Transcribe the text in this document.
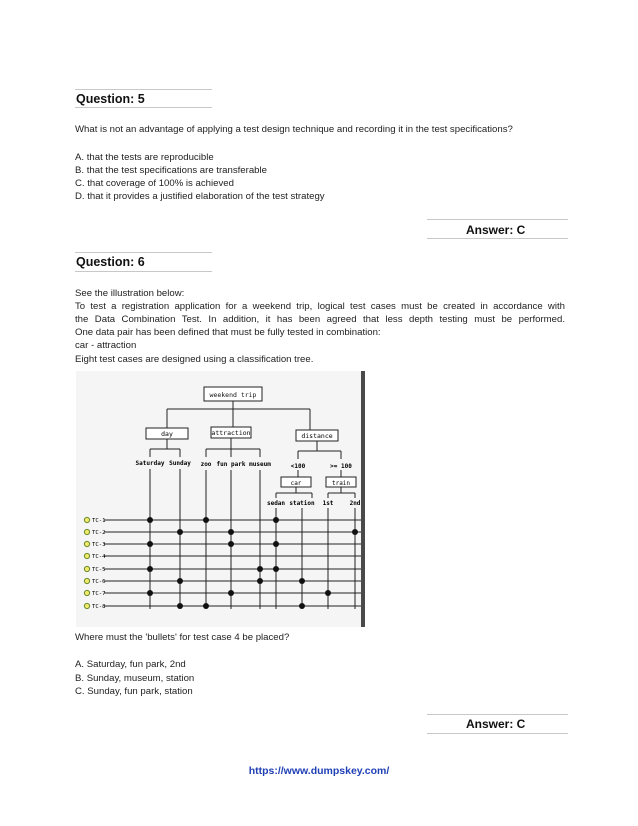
Question: 5
What is not an advantage of applying a test design technique and recording it in the test specifications?
A. that the tests are reproducible
B. that the test specifications are transferable
C. that coverage of 100% is achieved
D. that it provides a justified elaboration of the test strategy
Answer: C
Question: 6
See the illustration below:
To test a registration application for a weekend trip, logical test cases must be created in accordance with
the Data Combination Test. In addition, it has been agreed that less depth testing must be performed.
One data pair has been defined that must be fully tested in combination:
car - attraction
Eight test cases are designed using a classification tree.
weekend trip
day	attraction	distance
Saturday Sunday zoo fun park museum	<100	>= 100
car	train
sedan station 1st	2nd
TC-1
TC-2
TC-3
TC-4
TC-5
TC-6
TC-7
TC-8
Where must the 'bullets' for test case 4 be placed?
A. Saturday, fun park, 2nd
B. Sunday, museum, station
C. Sunday, fun park, station
Answer: C
https://www.dumpskey.com/
